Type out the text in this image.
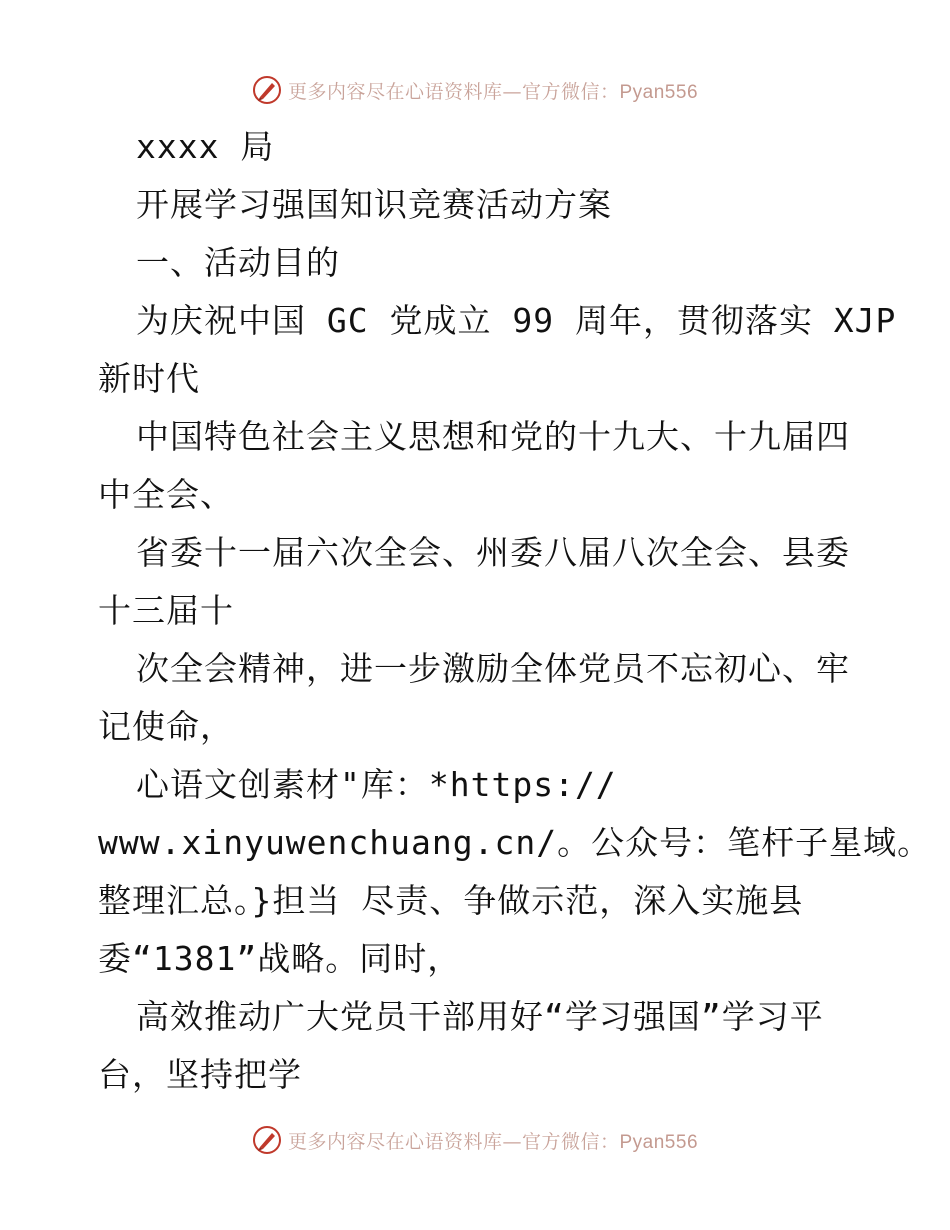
更多内容尽在心语资料库—官方微信：Pyan556
xxxx 局
开展学习强国知识竞赛活动方案
一、活动目的
为庆祝中国 GC 党成立 99 周年，贯彻落实 XJP
新时代
中国特色社会主义思想和党的十九大、十九届四
中全会、
省委十一届六次全会、州委八届八次全会、县委
十三届十
次全会精神，进一步激励全体党员不忘初心、牢
记使命，
心语文创素材"库：*https://
www.xinyuwenchuang.cn/。公众号：笔杆子星域。
整理汇总。}担当 尽责、争做示范，深入实施县
委“1381”战略。同时，
高效推动广大党员干部用好“学习强国”学习平
台，坚持把学
更多内容尽在心语资料库—官方微信：Pyan556
